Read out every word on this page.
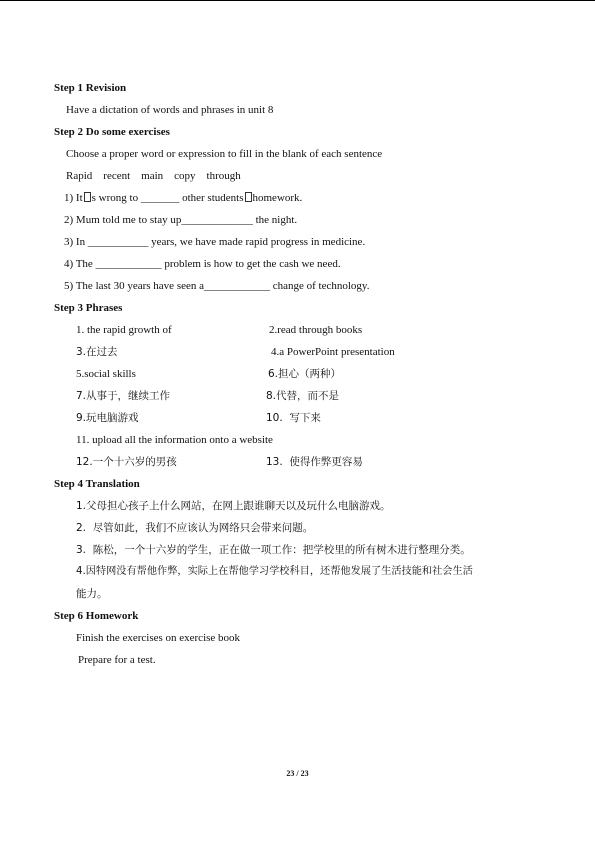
Step 1 Revision
Have a dictation of words and phrases in unit 8
Step 2 Do some exercises
Choose a proper word or expression to fill in the blank of each sentence
Rapid    recent    main    copy    through
1) It s wrong to _______ other students homework.
2) Mum told me to stay up_____________ the night.
3) In ___________ years, we have made rapid progress in medicine.
4) The ____________ problem is how to get the cash we need.
5) The last 30 years have seen a____________ change of technology.
Step 3 Phrases
1. the rapid growth of	2.read through books
3.在过去	4.a PowerPoint presentation
5.social skills	6.担心（两种）
7.从事于，继续工作	8.代替，而不是
9.玩电脑游戏	10.  写下来
11. upload all the information onto a website
12.一个十六岁的男孩	13.  使得作弊更容易
Step 4 Translation
1.父母担心孩子上什么网站，在网上跟谁聊天以及玩什么电脑游戏。
2.  尽管如此，我们不应该认为网络只会带来问题。
3.  陈松，一个十六岁的学生，正在做一项工作：把学校里的所有树木进行整理分类。
4.因特网没有帮他作弊，实际上在帮他学习学校科目，还帮他发展了生活技能和社会生活
能力。
Step 6 Homework
Finish the exercises on exercise book
Prepare for a test.
23 / 23
